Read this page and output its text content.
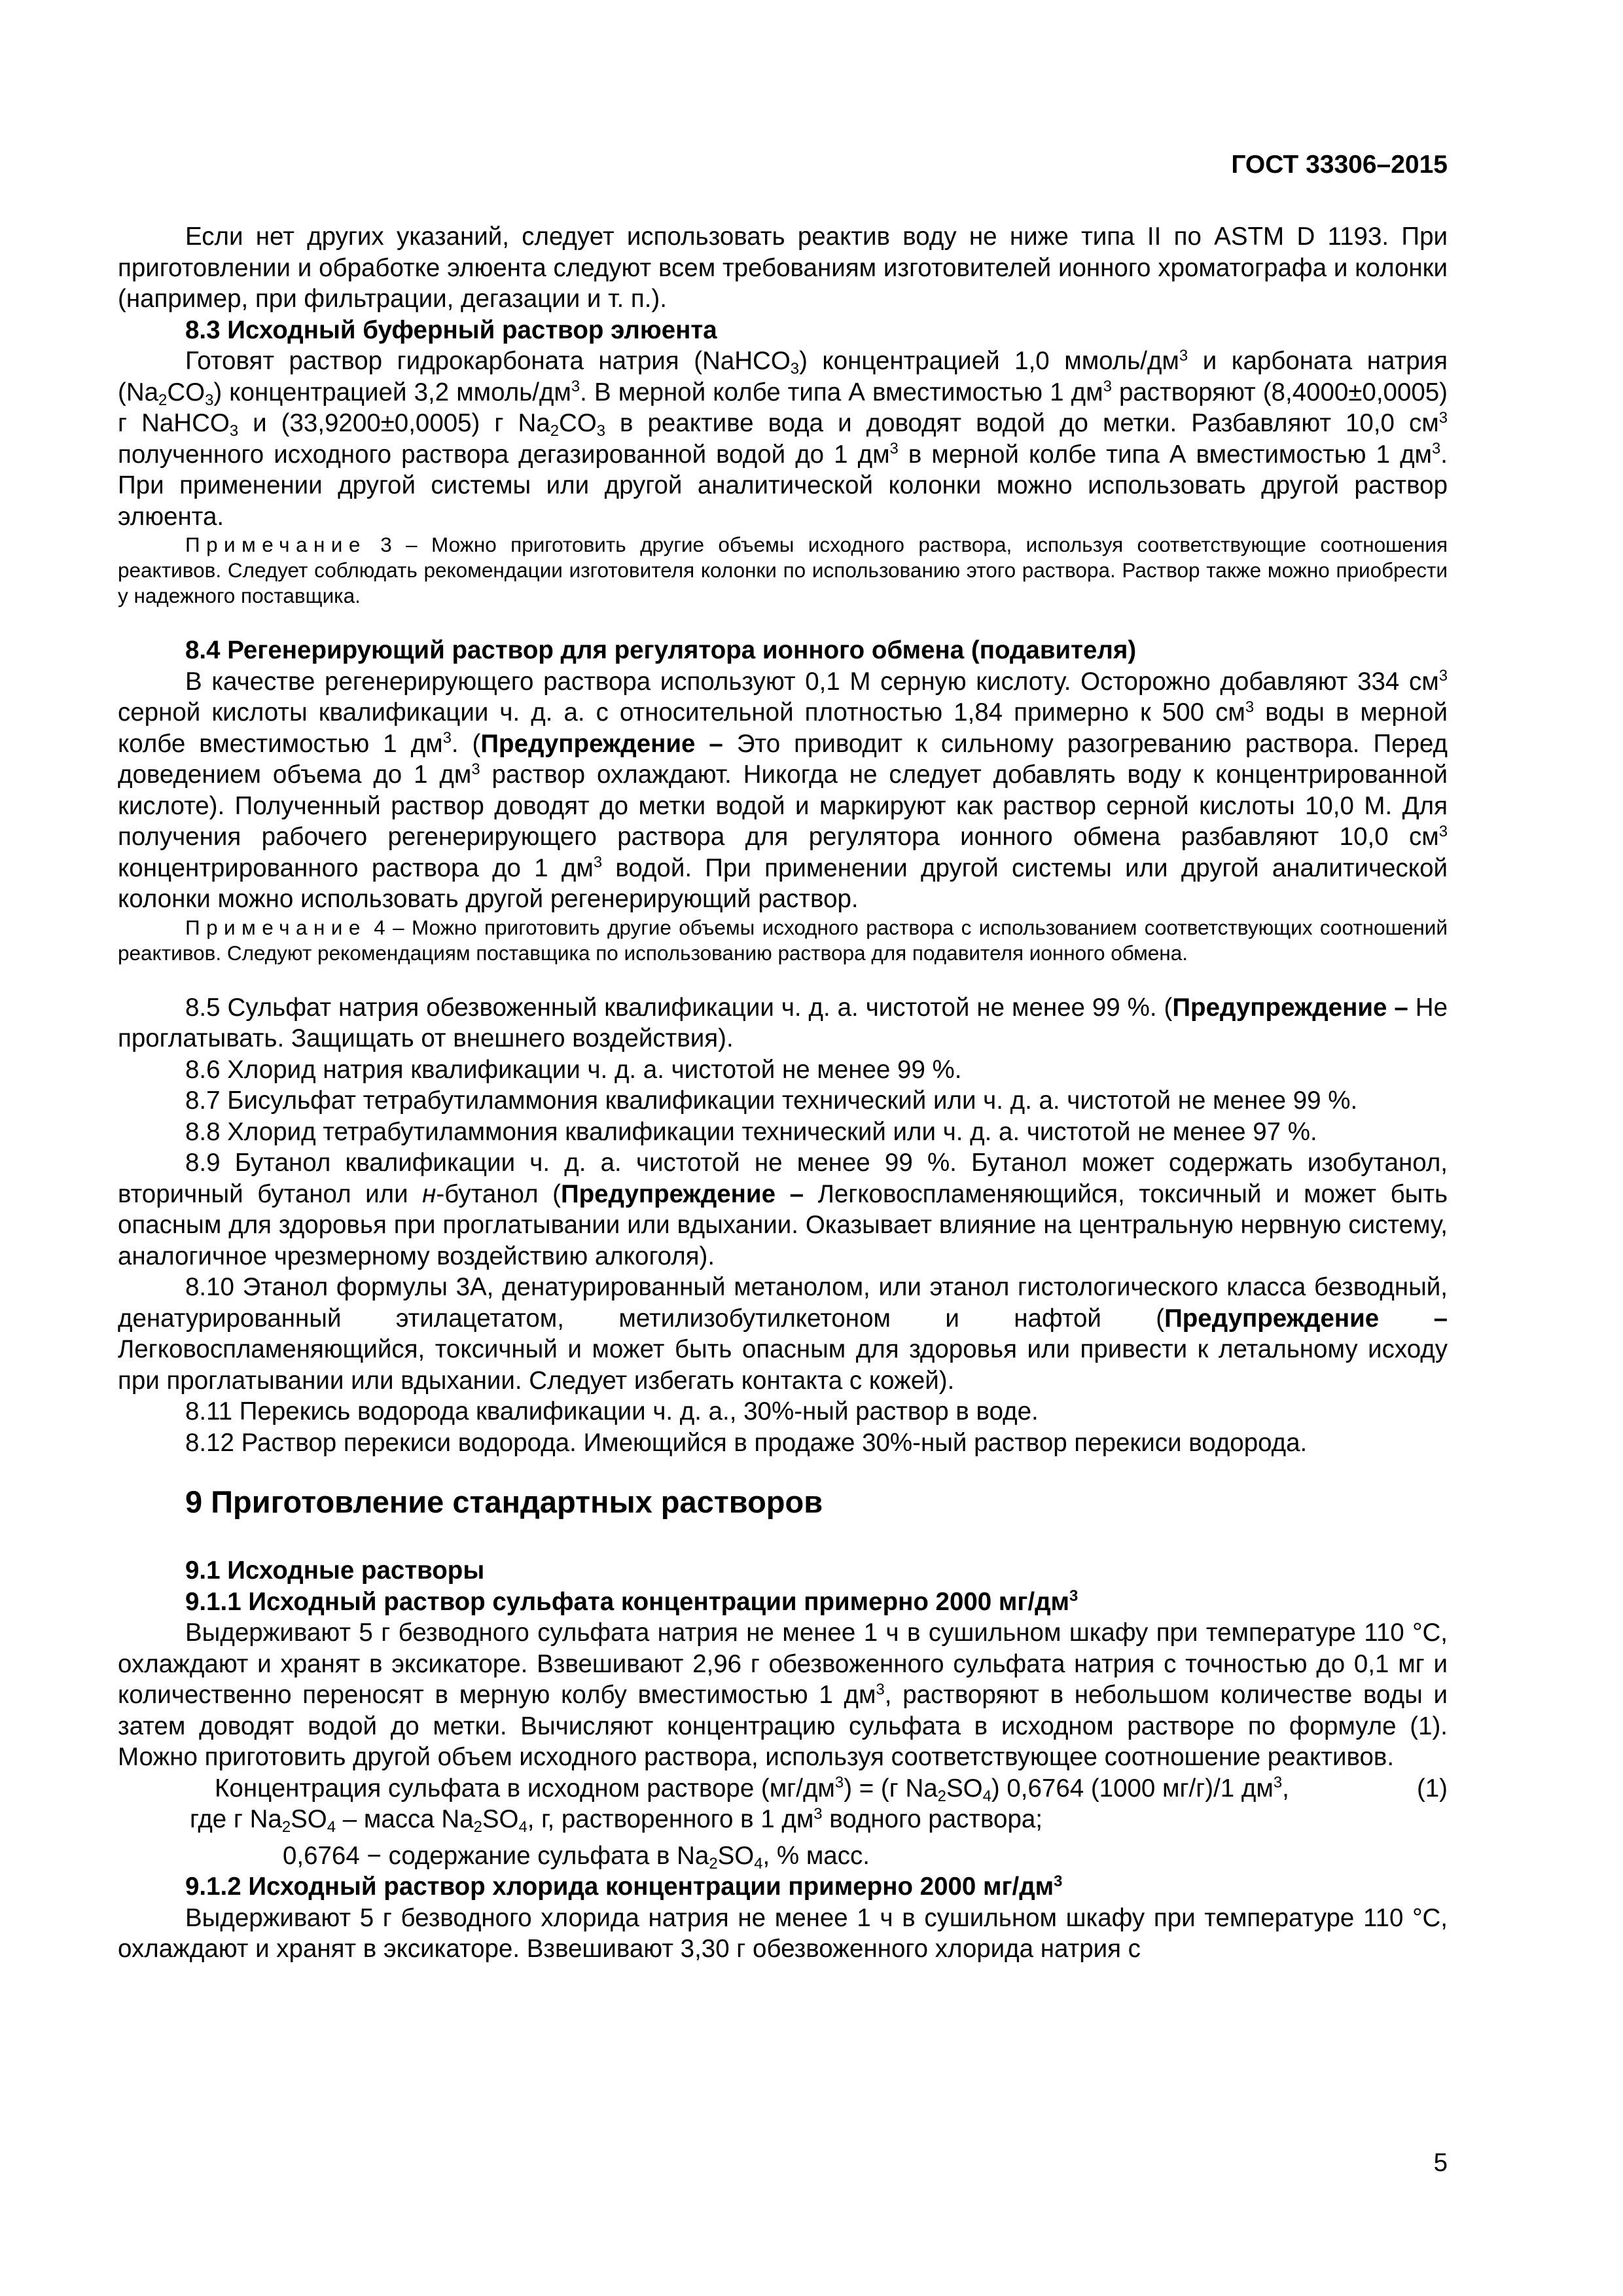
ГОСТ 33306–2015

Если нет других указаний, следует использовать реактив воду не ниже типа II по ASTM D 1193. При приготовлении и обработке элюента следуют всем требованиям изготовителей ионного хроматографа и колонки (например, при фильтрации, дегазации и т. п.).

8.3 Исходный буферный раствор элюента

Готовят раствор гидрокарбоната натрия (NaHCO$_3$) концентрацией 1,0 ммоль/$дм^3$ и карбоната натрия $(Na_2CO_3)$ концентрацией 3,2 ммоль/$дм^3$. В мерной колбе типа А вместимостью 1 $дм^3$ растворяют (8,4000±0,0005) г NaHCO$_3$ и (33,9200±0,0005) г $Na_2CO_3$ в реактиве вода и доводят водой до метки. Разбавляют 10,0 $см^3$ полученного исходного раствора дегазированной водой до 1 $дм^3$ в мерной колбе типа А вместимостью 1 $дм^3$. При применении другой системы или другой аналитической колонки можно использовать другой раствор элюента.

Примечание 3 – Можно приготовить другие объемы исходного раствора, используя соответствующие соотношения реактивов. Следует соблюдать рекомендации изготовителя колонки по использованию этого раствора. Раствор также можно приобрести у надежного поставщика.

8.4 Регенерирующий раствор для регулятора ионного обмена (подавителя)

В качестве регенерирующего раствора используют 0,1 М серную кислоту. Осторожно добавляют 334 $см^3$ серной кислоты квалификации ч. д. а. с относительной плотностью 1,84 примерно к 500 $см^3$ воды в мерной колбе вместимостью 1 $дм^3$. (Предупреждение – Это приводит к сильному разогреванию раствора. Перед доведением объема до 1 $дм^3$ раствор охлаждают. Никогда не следует добавлять воду к концентрированной кислоте). Полученный раствор доводят до метки водой и маркируют как раствор серной кислоты 10,0 М. Для получения рабочего регенерирующего раствора для регулятора ионного обмена разбавляют 10,0 $см^3$ концентрированного раствора до 1 $дм^3$ водой. При применении другой системы или другой аналитической колонки можно использовать другой регенерирующий раствор.

Примечание 4 – Можно приготовить другие объемы исходного раствора с использованием соответствующих соотношений реактивов. Следуют рекомендациям поставщика по использованию раствора для подавителя ионного обмена.

8.5 Сульфат натрия обезвоженный квалификации ч. д. а. чистотой не менее 99 %. (Предупреждение – Не проглатывать. Защищать от внешнего воздействия).

8.6 Хлорид натрия квалификации ч. д. а. чистотой не менее 99 %.

8.7 Бисульфат тетрабутиламмония квалификации технический или ч. д. а. чистотой не менее 99 %.

8.8 Хлорид тетрабутиламмония квалификации технический или ч. д. а. чистотой не менее 97 %.

8.9 Бутанол квалификации ч. д. а. чистотой не менее 99 %. Бутанол может содержать изобутанол, вторичный бутанол или н-бутанол (Предупреждение – Легковоспламеняющийся, токсичный и может быть опасным для здоровья при проглатывании или вдыхании. Оказывает влияние на центральную нервную систему, аналогичное чрезмерному воздействию алкоголя).

8.10 Этанол формулы 3А, денатурированный метанолом, или этанол гистологического класса безводный, денатурированный этилацетатом, метилизобутилкетоном и нафтой (Предупреждение – Легковоспламеняющийся, токсичный и может быть опасным для здоровья или привести к летальному исходу при проглатывании или вдыхании. Следует избегать контакта с кожей).

8.11 Перекись водорода квалификации ч. д. а., 30%-ный раствор в воде.

8.12 Раствор перекиси водорода. Имеющийся в продаже 30%-ный раствор перекиси водорода.

9 Приготовление стандартных растворов

9.1 Исходные растворы

9.1.1 Исходный раствор сульфата концентрации примерно 2000 $мг/дм^3$

Выдерживают 5 г безводного сульфата натрия не менее 1 ч в сушильном шкафу при температуре 110 °С, охлаждают и хранят в эксикаторе. Взвешивают 2,96 г обезвоженного сульфата натрия с точностью до 0,1 мг и количественно переносят в мерную колбу вместимостью 1 $дм^3$, растворяют в небольшом количестве воды и затем доводят водой до метки. Вычисляют концентрацию сульфата в исходном растворе по формуле (1). Можно приготовить другой объем исходного раствора, используя соответствующее соотношение реактивов.

Концентрация сульфата в исходном растворе $(мг/дм^3) = (г$ $Na_2SO_4$) 0,6764 (1000 мг/г)/1 $дм^3$,	(1)
где г $Na_2SO_4$ – масса $Na_2SO_4$, г, растворенного в 1 $дм^3$ водного раствора;
0,6764 − содержание сульфата в $Na_2SO_4$, % масс.

9.1.2 Исходный раствор хлорида концентрации примерно 2000 $мг/дм^3$

Выдерживают 5 г безводного хлорида натрия не менее 1 ч в сушильном шкафу при температуре 110 °С, охлаждают и хранят в эксикаторе. Взвешивают 3,30 г обезвоженного хлорида натрия с

5
